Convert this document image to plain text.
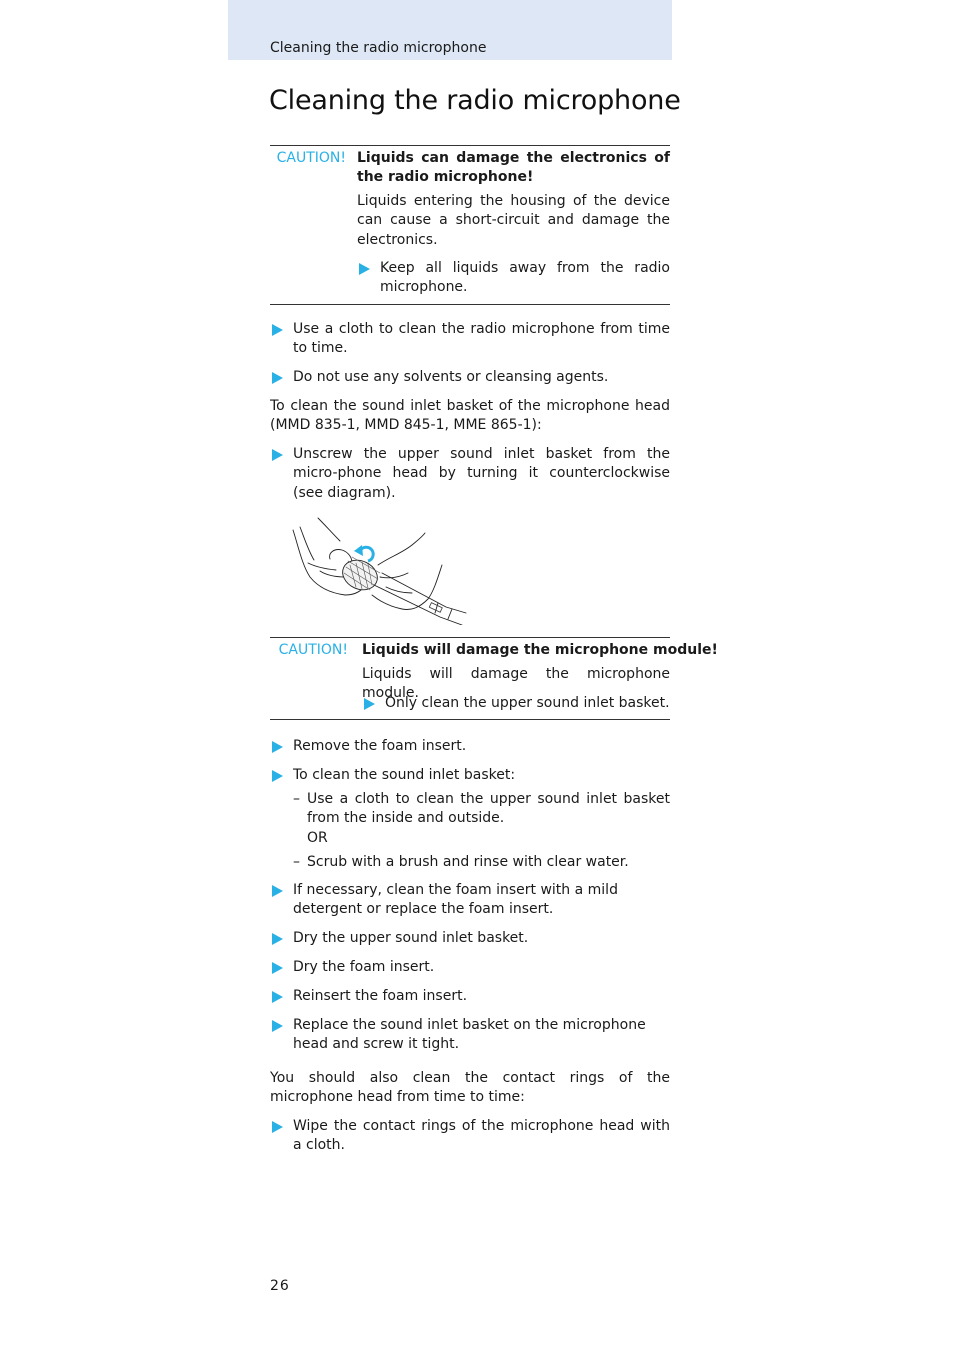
Cleaning the radio microphone
Cleaning the radio microphone
CAUTION! Liquids can damage the electronics of the radio microphone!
Liquids entering the housing of the device can cause a short-circuit and damage the electronics.
Keep all liquids away from the radio microphone.
Use a cloth to clean the radio microphone from time to time.
Do not use any solvents or cleansing agents.
To clean the sound inlet basket of the microphone head (MMD 835-1, MMD 845-1, MME 865-1):
Unscrew the upper sound inlet basket from the micro-phone head by turning it counterclockwise (see diagram).
CAUTION! Liquids will damage the microphone module!
Liquids will damage the microphone module.
Only clean the upper sound inlet basket.
Remove the foam insert.
To clean the sound inlet basket:
– Use a cloth to clean the upper sound inlet basket from the inside and outside.
OR
– Scrub with a brush and rinse with clear water.
If necessary, clean the foam insert with a mild detergent or replace the foam insert.
Dry the upper sound inlet basket.
Dry the foam insert.
Reinsert the foam insert.
Replace the sound inlet basket on the microphone head and screw it tight.
You should also clean the contact rings of the microphone head from time to time:
Wipe the contact rings of the microphone head with a cloth.
26
